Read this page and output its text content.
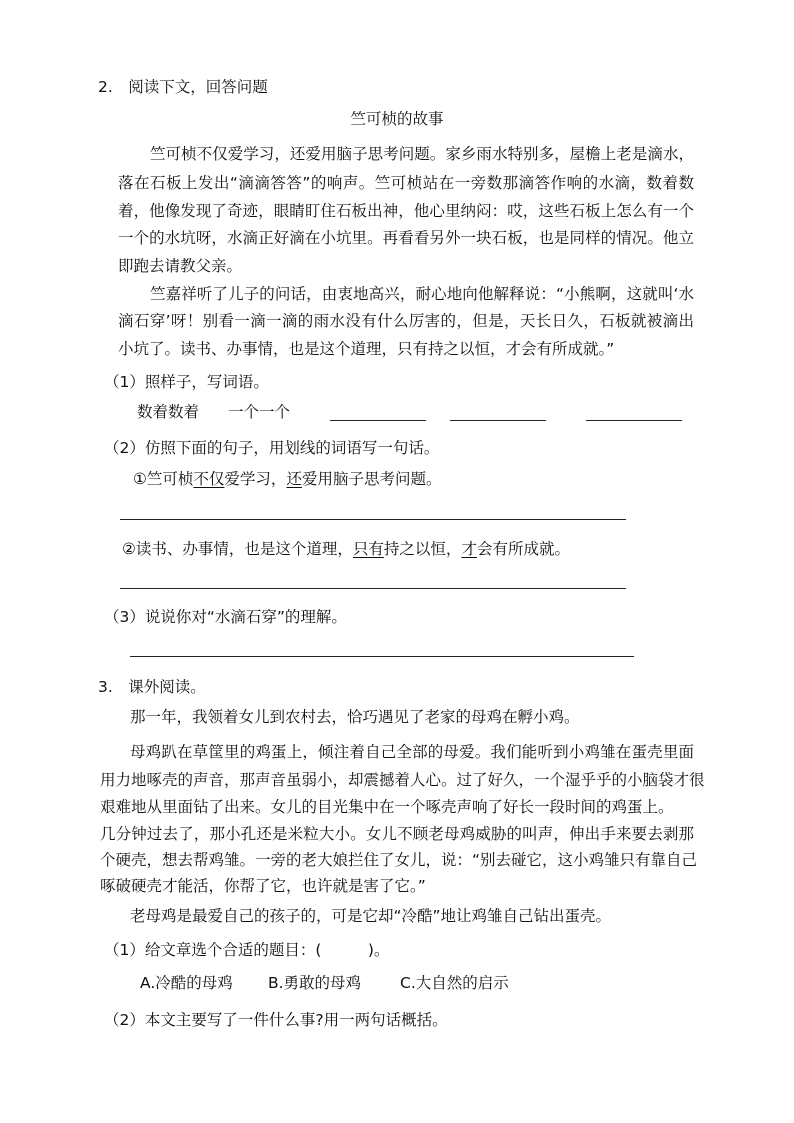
2.　阅读下文，回答问题
竺可桢的故事
竺可桢不仅爱学习，还爱用脑子思考问题。家乡雨水特别多，屋檐上老是滴水，
落在石板上发出“滴滴答答”的响声。竺可桢站在一旁数那滴答作响的水滴，数着数
着，他像发现了奇迹，眼睛盯住石板出神，他心里纳闷：哎，这些石板上怎么有一个
一个的水坑呀，水滴正好滴在小坑里。再看看另外一块石板，也是同样的情况。他立
即跑去请教父亲。
竺嘉祥听了儿子的问话，由衷地高兴，耐心地向他解释说：“小熊啊，这就叫‘水
滴石穿’呀！别看一滴一滴的雨水没有什么厉害的，但是，天长日久，石板就被滴出
小坑了。读书、办事情，也是这个道理，只有持之以恒，才会有所成就。”
（1）照样子，写词语。
数着数着 一个一个
（2）仿照下面的句子，用划线的词语写一句话。
①竺可桢不仅爱学习，还爱用脑子思考问题。
②读书、办事情，也是这个道理，只有持之以恒，才会有所成就。
（3）说说你对“水滴石穿”的理解。
3.　课外阅读。
那一年，我领着女儿到农村去，恰巧遇见了老家的母鸡在孵小鸡。
母鸡趴在草筐里的鸡蛋上，倾注着自己全部的母爱。我们能听到小鸡雏在蛋壳里面
用力地啄壳的声音，那声音虽弱小，却震撼着人心。过了好久，一个湿乎乎的小脑袋才很
艰难地从里面钻了出来。女儿的目光集中在一个啄壳声响了好长一段时间的鸡蛋上。
几分钟过去了，那小孔还是米粒大小。女儿不顾老母鸡威胁的叫声，伸出手来要去剥那
个硬壳，想去帮鸡雏。一旁的老大娘拦住了女儿，说：“别去碰它，这小鸡雏只有靠自己
啄破硬壳才能活，你帮了它，也许就是害了它。”
老母鸡是最爱自己的孩子的，可是它却“冷酷”地让鸡雏自己钻出蛋壳。
（1）给文章选个合适的题目：(　　　)。
A.冷酷的母鸡 B.勇敢的母鸡	C.大自然的启示
（2）本文主要写了一件什么事?用一两句话概括。
